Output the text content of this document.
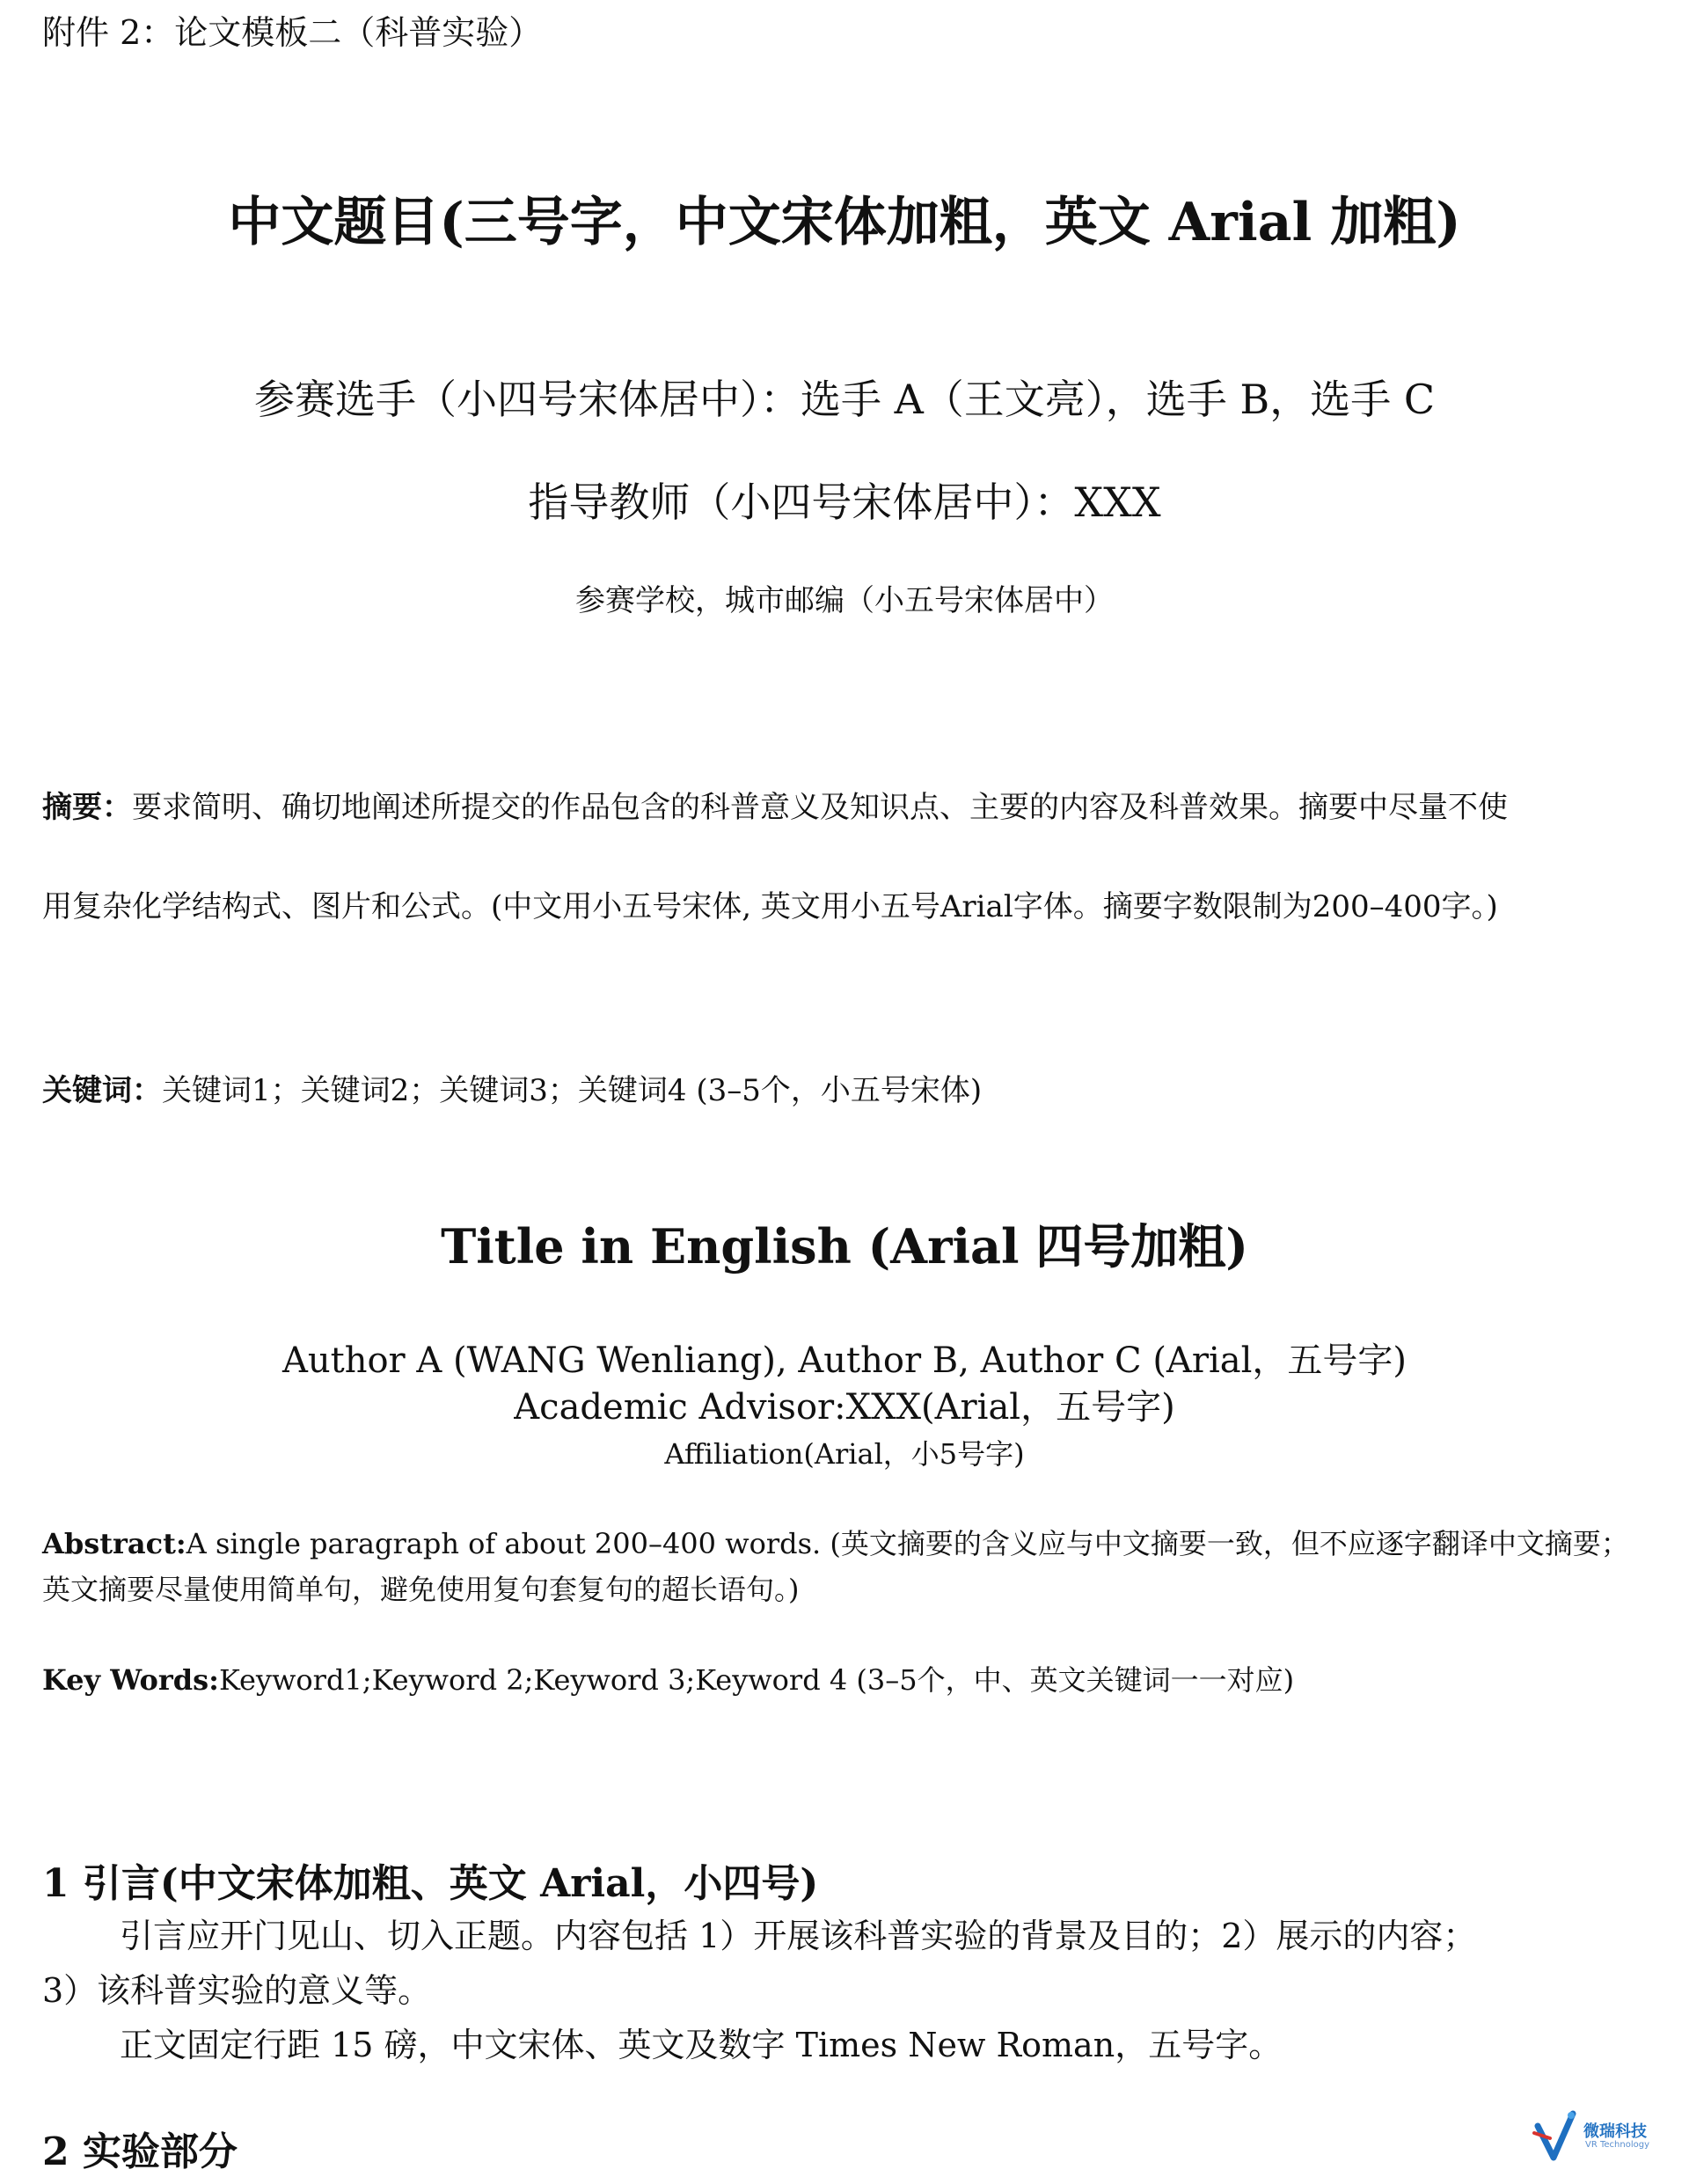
附件 2：论文模板二（科普实验）
中文题目(三号字，中文宋体加粗，英文 Arial 加粗)
参赛选手（小四号宋体居中）：选手 A（王文亮），选手 B，选手 C
指导教师（小四号宋体居中）：XXX
参赛学校，城市邮编（小五号宋体居中）
摘要：要求简明、确切地阐述所提交的作品包含的科普意义及知识点、主要的内容及科普效果。摘要中尽量不使
用复杂化学结构式、图片和公式。(中文用小五号宋体, 英文用小五号Arial字体。摘要字数限制为200–400字。)
关键词：关键词1；关键词2；关键词3；关键词4 (3–5个，小五号宋体)
Title in English (Arial 四号加粗)
Author A (WANG Wenliang), Author B, Author C (Arial，五号字)
Academic Advisor:XXX(Arial，五号字)
Affiliation(Arial，小5号字)
Abstract:A single paragraph of about 200–400 words. (英文摘要的含义应与中文摘要一致，但不应逐字翻译中文摘要；
英文摘要尽量使用简单句，避免使用复句套复句的超长语句。)
Key Words:Keyword1;Keyword 2;Keyword 3;Keyword 4 (3–5个，中、英文关键词一一对应)
1 引言(中文宋体加粗、英文 Arial，小四号)
引言应开门见山、切入正题。内容包括 1）开展该科普实验的背景及目的；2）展示的内容；
3）该科普实验的意义等。
正文固定行距 15 磅，中文宋体、英文及数字 Times New Roman，五号字。
2 实验部分	微瑞科技
VR Technology
